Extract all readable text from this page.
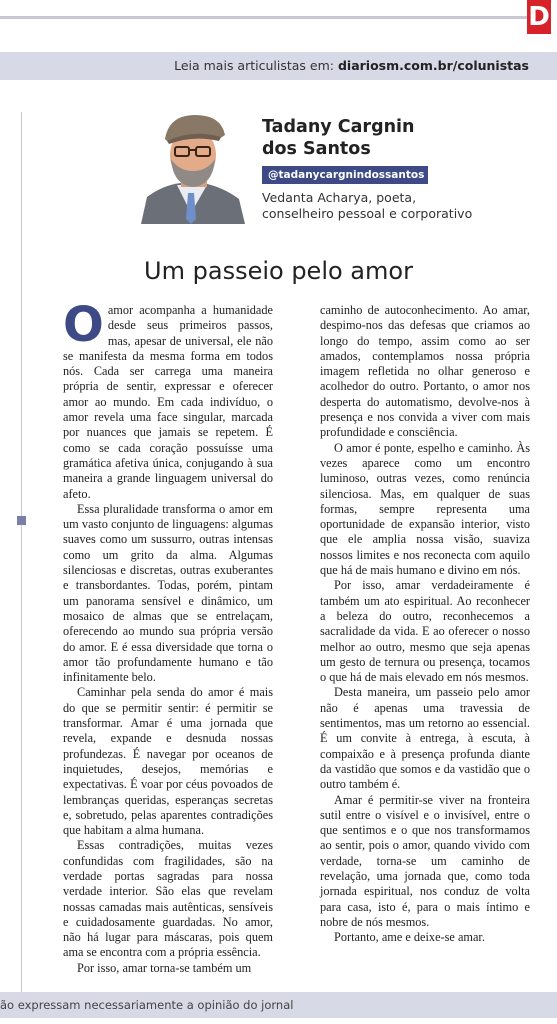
D
Leia mais articulistas em: diariosm.com.br/colunistas
Tadany Cargnin
dos Santos
@tadanycargnindossantos
Vedanta Acharya, poeta,
conselheiro pessoal e corporativo
Um passeio pelo amor

Oamor acompanha a humanidade desde seus primeiros passos, mas, apesar de universal, ele não se manifesta da mesma forma em todos nós. Cada ser carrega uma maneira própria de sentir, expressar e oferecer amor ao mundo. Em cada indivíduo, o amor revela uma face singular, marcada por nuances que jamais se repetem. É como se cada coração possuísse uma gramática afetiva única, conjugando à sua maneira a grande linguagem universal do afeto.

Essa pluralidade transforma o amor em um vasto conjunto de linguagens: algumas suaves como um sussurro, outras intensas como um grito da alma. Algumas silenciosas e discretas, outras exuberantes e transbordantes. Todas, porém, pintam um panorama sensível e dinâmico, um mosaico de almas que se entrelaçam, oferecendo ao mundo sua própria versão do amor. E é essa diversidade que torna o amor tão profundamente humano e tão infinitamente belo.

Caminhar pela senda do amor é mais do que se permitir sentir: é permitir se transformar. Amar é uma jornada que revela, expande e desnuda nossas profundezas. É navegar por oceanos de inquietudes, desejos, memórias e expectativas. É voar por céus povoados de lembranças queridas, esperanças secretas e, sobretudo, pelas aparentes contradições que habitam a alma humana.

Essas contradições, muitas vezes confundidas com fragilidades, são na verdade portas sagradas para nossa verdade interior. São elas que revelam nossas camadas mais autênticas, sensíveis e cuidadosamente guardadas. No amor, não há lugar para máscaras, pois quem ama se encontra com a própria essência.

Por isso, amar torna-se também um

caminho de autoconhecimento. Ao amar, despimo-nos das defesas que criamos ao longo do tempo, assim como ao ser amados, contemplamos nossa própria imagem refletida no olhar generoso e acolhedor do outro. Portanto, o amor nos desperta do automatismo, devolve-nos à presença e nos convida a viver com mais profundidade e consciência.

O amor é ponte, espelho e caminho. Às vezes aparece como um encontro luminoso, outras vezes, como renúncia silenciosa. Mas, em qualquer de suas formas, sempre representa uma oportunidade de expansão interior, visto que ele amplia nossa visão, suaviza nossos limites e nos reconecta com aquilo que há de mais humano e divino em nós.

Por isso, amar verdadeiramente é também um ato espiritual. Ao reconhecer a beleza do outro, reconhecemos a sacralidade da vida. E ao oferecer o nosso melhor ao outro, mesmo que seja apenas um gesto de ternura ou presença, tocamos o que há de mais elevado em nós mesmos.

Desta maneira, um passeio pelo amor não é apenas uma travessia de sentimentos, mas um retorno ao essencial. É um convite à entrega, à escuta, à compaixão e à presença profunda diante da vastidão que somos e da vastidão que o outro também é.

Amar é permitir-se viver na fronteira sutil entre o visível e o invisível, entre o que sentimos e o que nos transformamos ao sentir, pois o amor, quando vivido com verdade, torna-se um caminho de revelação, uma jornada que, como toda jornada espiritual, nos conduz de volta para casa, isto é, para o mais íntimo e nobre de nós mesmos.

Portanto, ame e deixe-se amar.

ão expressam necessariamente a opinião do jornal
